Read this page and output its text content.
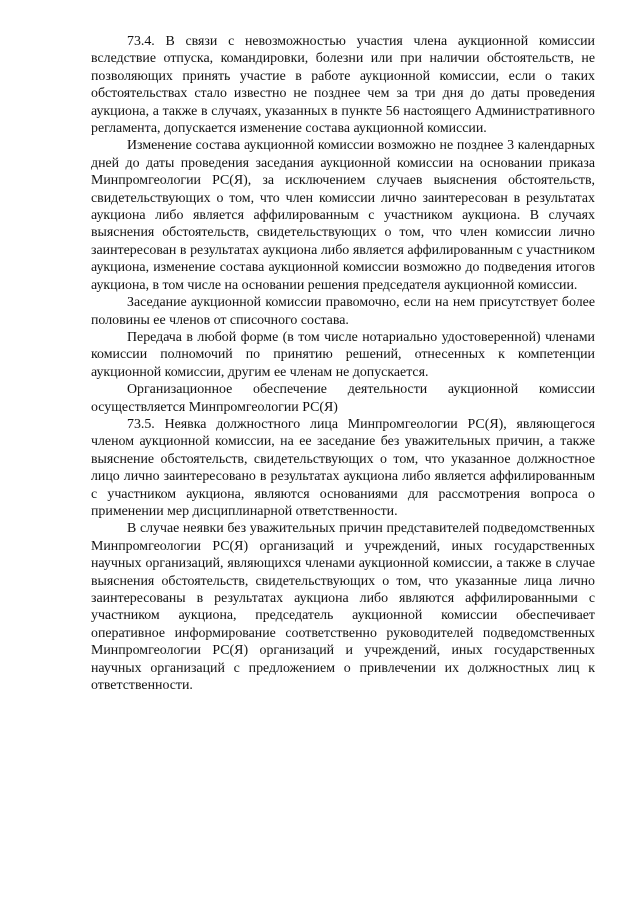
73.4. В связи с невозможностью участия члена аукционной комиссии вследствие отпуска, командировки, болезни или при наличии обстоятельств, не позволяющих принять участие в работе аукционной комиссии, если о таких обстоятельствах стало известно не позднее чем за три дня до даты проведения аукциона, а также в случаях, указанных в пункте 56 настоящего Административного регламента, допускается изменение состава аукционной комиссии.

Изменение состава аукционной комиссии возможно не позднее 3 календарных дней до даты проведения заседания аукционной комиссии на основании приказа Минпромгеологии РС(Я), за исключением случаев выяснения обстоятельств, свидетельствующих о том, что член комиссии лично заинтересован в результатах аукциона либо является аффилированным с участником аукциона. В случаях выяснения обстоятельств, свидетельствующих о том, что член комиссии лично заинтересован в результатах аукциона либо является аффилированным с участником аукциона, изменение состава аукционной комиссии возможно до подведения итогов аукциона, в том числе на основании решения председателя аукционной комиссии.

Заседание аукционной комиссии правомочно, если на нем присутствует более половины ее членов от списочного состава.

Передача в любой форме (в том числе нотариально удостоверенной) членами комиссии полномочий по принятию решений, отнесенных к компетенции аукционной комиссии, другим ее членам не допускается.

Организационное обеспечение деятельности аукционной комиссии осуществляется Минпромгеологии РС(Я)

73.5. Неявка должностного лица Минпромгеологии РС(Я), являющегося членом аукционной комиссии, на ее заседание без уважительных причин, а также выяснение обстоятельств, свидетельствующих о том, что указанное должностное лицо лично заинтересовано в результатах аукциона либо является аффилированным с участником аукциона, являются основаниями для рассмотрения вопроса о применении мер дисциплинарной ответственности.

В случае неявки без уважительных причин представителей подведомственных Минпромгеологии РС(Я) организаций и учреждений, иных государственных научных организаций, являющихся членами аукционной комиссии, а также в случае выяснения обстоятельств, свидетельствующих о том, что указанные лица лично заинтересованы в результатах аукциона либо являются аффилированными с участником аукциона, председатель аукционной комиссии обеспечивает оперативное информирование соответственно руководителей подведомственных Минпромгеологии РС(Я) организаций и учреждений, иных государственных научных организаций с предложением о привлечении их должностных лиц к ответственности.
